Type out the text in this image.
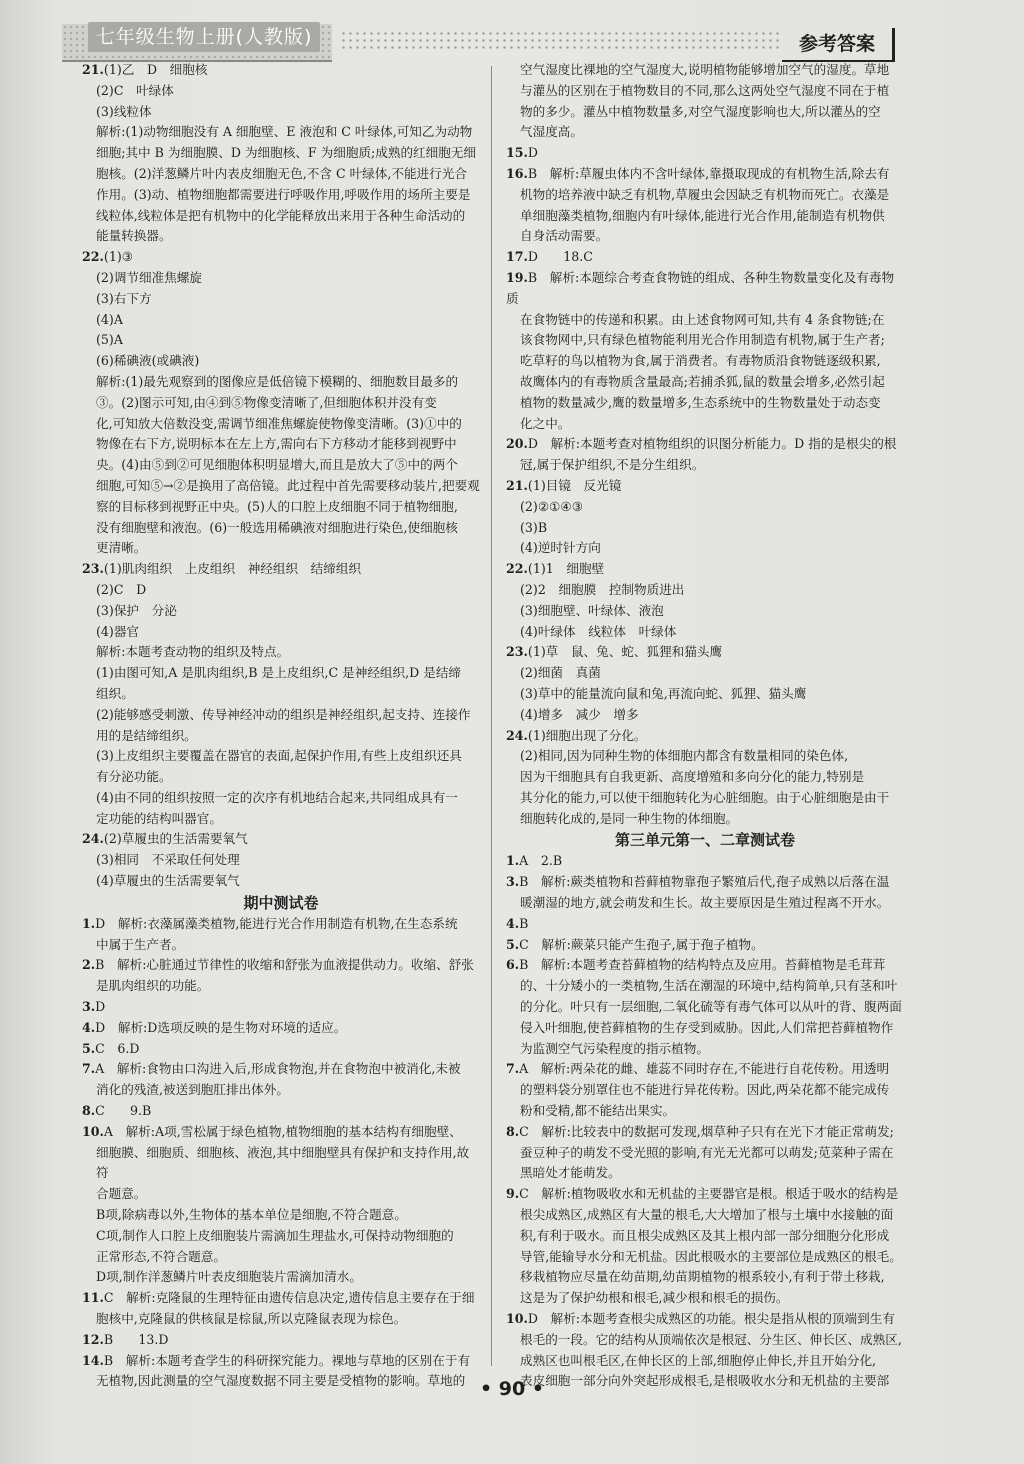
七年级生物上册(人教版)	参考答案

21.(1)乙　D　细胞核

(2)C　叶绿体

(3)线粒体

解析:(1)动物细胞没有 A 细胞壁、E 液泡和 C 叶绿体,可知乙为动物

细胞;其中 B 为细胞膜、D 为细胞核、F 为细胞质;成熟的红细胞无细

胞核。(2)洋葱鳞片叶内表皮细胞无色,不含 C 叶绿体,不能进行光合

作用。(3)动、植物细胞都需要进行呼吸作用,呼吸作用的场所主要是

线粒体,线粒体是把有机物中的化学能释放出来用于各种生命活动的

能量转换器。

22.(1)③

(2)调节细准焦螺旋

(3)右下方

(4)A

(5)A

(6)稀碘液(或碘液)

解析:(1)最先观察到的图像应是低倍镜下模糊的、细胞数目最多的

③。(2)图示可知,由④到⑤物像变清晰了,但细胞体积并没有变

化,可知放大倍数没变,需调节细准焦螺旋使物像变清晰。(3)①中的

物像在右下方,说明标本在左上方,需向右下方移动才能移到视野中

央。(4)由⑤到②可见细胞体积明显增大,而且是放大了⑤中的两个

细胞,可知⑤→②是换用了高倍镜。此过程中首先需要移动装片,把要观

察的目标移到视野正中央。(5)人的口腔上皮细胞不同于植物细胞,

没有细胞壁和液泡。(6)一般选用稀碘液对细胞进行染色,使细胞核

更清晰。

23.(1)肌肉组织　上皮组织　神经组织　结缔组织

(2)C　D

(3)保护　分泌

(4)器官

解析:本题考查动物的组织及特点。

(1)由图可知,A 是肌肉组织,B 是上皮组织,C 是神经组织,D 是结缔

组织。

(2)能够感受刺激、传导神经冲动的组织是神经组织,起支持、连接作

用的是结缔组织。

(3)上皮组织主要覆盖在器官的表面,起保护作用,有些上皮组织还具

有分泌功能。

(4)由不同的组织按照一定的次序有机地结合起来,共同组成具有一

定功能的结构叫器官。

24.(2)草履虫的生活需要氧气

(3)相同　不采取任何处理

(4)草履虫的生活需要氧气

期中测试卷

1.D　解析:衣藻属藻类植物,能进行光合作用制造有机物,在生态系统

中属于生产者。

2.B　解析:心脏通过节律性的收缩和舒张为血液提供动力。收缩、舒张

是肌肉组织的功能。

3.D

4.D　解析:D选项反映的是生物对环境的适应。

5.C　6.D

7.A　解析:食物由口沟进入后,形成食物泡,并在食物泡中被消化,未被

消化的残渣,被送到胞肛排出体外。

8.C　　9.B

10.A　解析:A项,雪松属于绿色植物,植物细胞的基本结构有细胞壁、

细胞膜、细胞质、细胞核、液泡,其中细胞壁具有保护和支持作用,故符

合题意。

B项,除病毒以外,生物体的基本单位是细胞,不符合题意。

C项,制作人口腔上皮细胞装片需滴加生理盐水,可保持动物细胞的

正常形态,不符合题意。

D项,制作洋葱鳞片叶表皮细胞装片需滴加清水。

11.C　解析:克隆鼠的生理特征由遗传信息决定,遗传信息主要存在于细

胞核中,克隆鼠的供核鼠是棕鼠,所以克隆鼠表现为棕色。

12.B　　13.D

14.B　解析:本题考查学生的科研探究能力。裸地与草地的区别在于有

无植物,因此测量的空气湿度数据不同主要是受植物的影响。草地的

空气湿度比裸地的空气湿度大,说明植物能够增加空气的湿度。草地

与灌丛的区别在于植物数目的不同,那么这两处空气湿度不同在于植

物的多少。灌丛中植物数量多,对空气湿度影响也大,所以灌丛的空

气湿度高。

15.D

16.B　解析:草履虫体内不含叶绿体,靠摄取现成的有机物生活,除去有

机物的培养液中缺乏有机物,草履虫会因缺乏有机物而死亡。衣藻是

单细胞藻类植物,细胞内有叶绿体,能进行光合作用,能制造有机物供

自身活动需要。

17.D　　18.C

19.B　解析:本题综合考查食物链的组成、各种生物数量变化及有毒物质

在食物链中的传递和积累。由上述食物网可知,共有 4 条食物链;在

该食物网中,只有绿色植物能利用光合作用制造有机物,属于生产者;

吃草籽的鸟以植物为食,属于消费者。有毒物质沿食物链逐级积累,

故鹰体内的有毒物质含量最高;若捕杀狐,鼠的数量会增多,必然引起

植物的数量减少,鹰的数量增多,生态系统中的生物数量处于动态变

化之中。

20.D　解析:本题考查对植物组织的识图分析能力。D 指的是根尖的根

冠,属于保护组织,不是分生组织。

21.(1)目镜　反光镜

(2)②①④③

(3)B

(4)逆时针方向

22.(1)1　细胞壁

(2)2　细胞膜　控制物质进出

(3)细胞壁、叶绿体、液泡

(4)叶绿体　线粒体　叶绿体

23.(1)草　鼠、兔、蛇、狐狸和猫头鹰

(2)细菌　真菌

(3)草中的能量流向鼠和兔,再流向蛇、狐狸、猫头鹰

(4)增多　减少　增多

24.(1)细胞出现了分化。

(2)相同,因为同种生物的体细胞内都含有数量相同的染色体,

因为干细胞具有自我更新、高度增殖和多向分化的能力,特别是

其分化的能力,可以使干细胞转化为心脏细胞。由于心脏细胞是由干

细胞转化成的,是同一种生物的体细胞。

第三单元第一、二章测试卷

1.A　2.B

3.B　解析:蕨类植物和苔藓植物靠孢子繁殖后代,孢子成熟以后落在温

暖潮湿的地方,就会萌发和生长。故主要原因是生殖过程离不开水。

4.B

5.C　解析:蕨菜只能产生孢子,属于孢子植物。

6.B　解析:本题考查苔藓植物的结构特点及应用。苔藓植物是毛茸茸

的、十分矮小的一类植物,生活在潮湿的环境中,结构简单,只有茎和叶

的分化。叶只有一层细胞,二氧化硫等有毒气体可以从叶的背、腹两面

侵入叶细胞,使苔藓植物的生存受到威胁。因此,人们常把苔藓植物作

为监测空气污染程度的指示植物。

7.A　解析:两朵花的雌、雄蕊不同时存在,不能进行自花传粉。用透明

的塑料袋分别罩住也不能进行异花传粉。因此,两朵花都不能完成传

粉和受精,都不能结出果实。

8.C　解析:比较表中的数据可发现,烟草种子只有在光下才能正常萌发;

蚕豆种子的萌发不受光照的影响,有光无光都可以萌发;苋菜种子需在

黑暗处才能萌发。

9.C　解析:植物吸收水和无机盐的主要器官是根。根适于吸水的结构是

根尖成熟区,成熟区有大量的根毛,大大增加了根与土壤中水接触的面

积,有利于吸水。而且根尖成熟区及其上根内部一部分细胞分化形成

导管,能输导水分和无机盐。因此根吸水的主要部位是成熟区的根毛。

移栽植物应尽量在幼苗期,幼苗期植物的根系较小,有利于带土移栽,

这是为了保护幼根和根毛,减少根和根毛的损伤。

10.D　解析:本题考查根尖成熟区的功能。根尖是指从根的顶端到生有

根毛的一段。它的结构从顶端依次是根冠、分生区、伸长区、成熟区,

成熟区也叫根毛区,在伸长区的上部,细胞停止伸长,并且开始分化,

表皮细胞一部分向外突起形成根毛,是根吸收水分和无机盐的主要部

• 90 •
